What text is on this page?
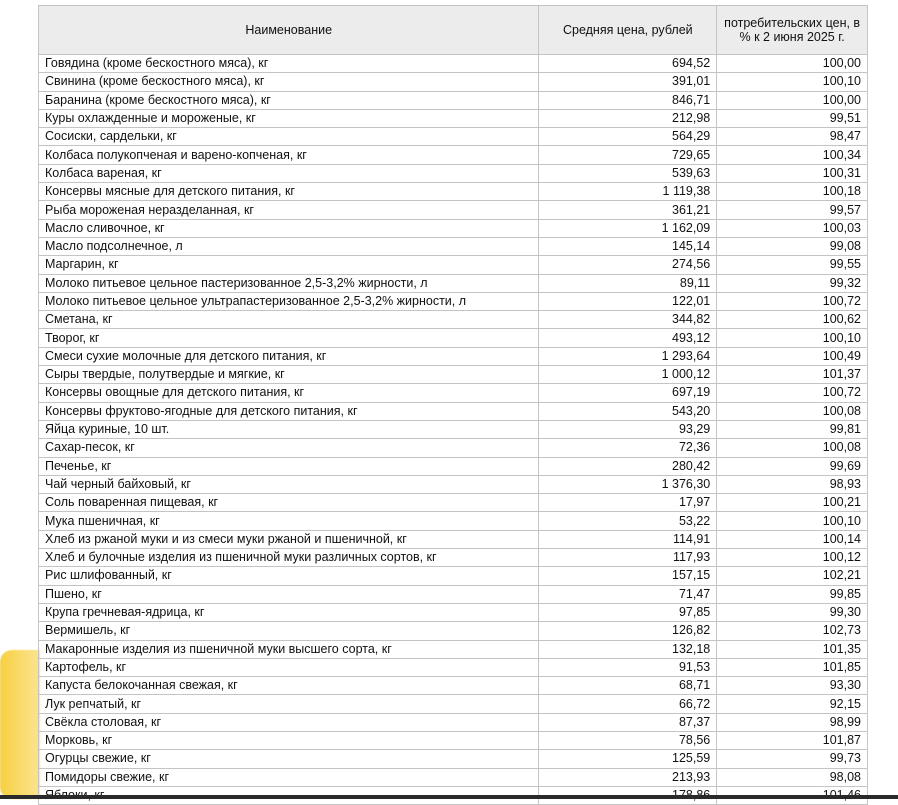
Наименование	Средняя цена, рублей	потребительских цен, в % к 2 июня 2025 г.
Говядина (кроме бескостного мяса), кг	694,52	100,00
Свинина (кроме бескостного мяса), кг	391,01	100,10
Баранина (кроме бескостного мяса), кг	846,71	100,00
Куры охлажденные и мороженые, кг	212,98	99,51
Сосиски, сардельки, кг	564,29	98,47
Колбаса полукопченая и варено-копченая, кг	729,65	100,34
Колбаса вареная, кг	539,63	100,31
Консервы мясные для детского питания, кг	1 119,38	100,18
Рыба мороженая неразделанная, кг	361,21	99,57
Масло сливочное, кг	1 162,09	100,03
Масло подсолнечное, л	145,14	99,08
Маргарин, кг	274,56	99,55
Молоко питьевое цельное пастеризованное 2,5-3,2% жирности, л	89,11	99,32
Молоко питьевое цельное ультрапастеризованное 2,5-3,2% жирности, л	122,01	100,72
Сметана, кг	344,82	100,62
Творог, кг	493,12	100,10
Смеси сухие молочные для детского питания, кг	1 293,64	100,49
Сыры твердые, полутвердые и мягкие, кг	1 000,12	101,37
Консервы овощные для детского питания, кг	697,19	100,72
Консервы фруктово-ягодные для детского питания, кг	543,20	100,08
Яйца куриные, 10 шт.	93,29	99,81
Сахар-песок, кг	72,36	100,08
Печенье, кг	280,42	99,69
Чай черный байховый, кг	1 376,30	98,93
Соль поваренная пищевая, кг	17,97	100,21
Мука пшеничная, кг	53,22	100,10
Хлеб из ржаной муки и из смеси муки ржаной и пшеничной, кг	114,91	100,14
Хлеб и булочные изделия из пшеничной муки различных сортов, кг	117,93	100,12
Рис шлифованный, кг	157,15	102,21
Пшено, кг	71,47	99,85
Крупа гречневая-ядрица, кг	97,85	99,30
Вермишель, кг	126,82	102,73
Макаронные изделия из пшеничной муки высшего сорта, кг	132,18	101,35
Картофель, кг	91,53	101,85
Капуста белокочанная свежая, кг	68,71	93,30
Лук репчатый, кг	66,72	92,15
Свёкла столовая, кг	87,37	98,99
Морковь, кг	78,56	101,87
Огурцы свежие, кг	125,59	99,73
Помидоры свежие, кг	213,93	98,08
